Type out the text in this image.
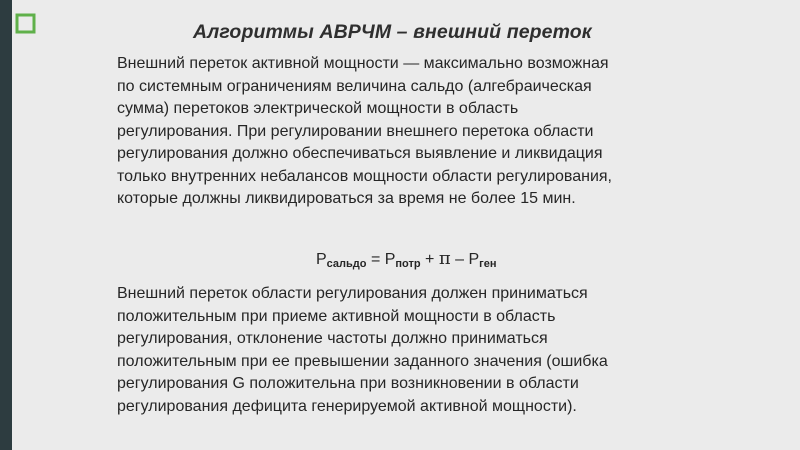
Алгоритмы АВРЧМ – внешний переток

Внешний переток активной мощности — максимально возможная
по системным ограничениям величина сальдо (алгебраическая
сумма) перетоков электрической мощности в область
регулирования. При регулировании внешнего перетока области
регулирования должно обеспечиваться выявление и ликвидация
только внутренних небалансов мощности области регулирования,
которые должны ликвидироваться за время не более 15 мин.

$P_{сальдо} = P_{потр} + \pi - P_{ген}$

Внешний переток области регулирования должен приниматься
положительным при приеме активной мощности в область
регулирования, отклонение частоты должно приниматься
положительным при ее превышении заданного значения (ошибка
регулирования G положительна при возникновении в области
регулирования дефицита генерируемой активной мощности).
